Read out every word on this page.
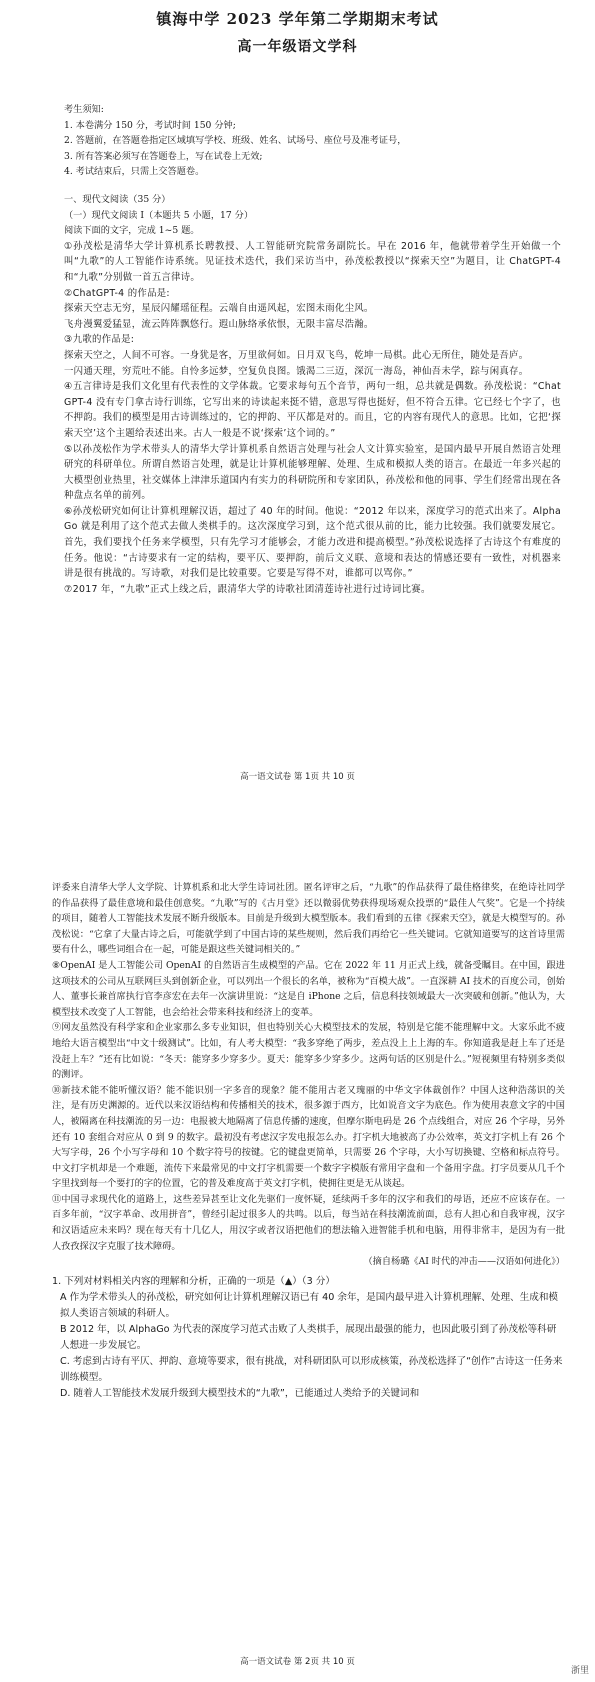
镇海中学 2023 学年第二学期期末考试
高一年级语文学科

考生须知:

1. 本卷满分 150 分，考试时间 150 分钟;

2. 答题前，在答题卷指定区域填写学校、班级、姓名、试场号、座位号及准考证号，

3. 所有答案必须写在答题卷上，写在试卷上无效;

4. 考试结束后，只需上交答题卷。

一、现代文阅读（35 分）

（一）现代文阅读 I（本题共 5 小题，17 分）

阅读下面的文字，完成 1~5 题。

①孙茂松是清华大学计算机系长聘教授、人工智能研究院常务副院长。早在 2016 年，他就带着学生开始做一个叫“九歌”的人工智能作诗系统。见证技术迭代，我们采访当中，孙茂松教授以“探索天空”为题目，让 ChatGPT-4 和“九歌”分别做一首五言律诗。

②ChatGPT-4 的作品是:

探索天空志无穷，星辰闪耀瑶征程。云端自由遥风起，宏图未雨化尘风。

飞舟漫翼爱猛显，流云阵阵飘悠行。遐山脉络承依恨，无限丰富尽浩瀚。

③九歌的作品是:

探索天空之，人间不可容。一身犹是客，万里欲何如。日月双飞鸟，乾坤一局棋。此心无所住，随处是吾庐。

一闪通天理，穷荒吐不能。自怜多远梦，空复负良图。饿渴二三迈，深沉一海岛，神仙吾未学，踪与闲真存。

④五言律诗是我们文化里有代表性的文学体裁。它要求每句五个音节，两句一组，总共就是偶数。孙茂松说：“ChatGPT-4 没有专门拿古诗行训练，它写出来的诗读起来挺不错，意思写得也挺好，但不符合五律。它已经七个字了，也不押韵。我们的模型是用古诗训练过的，它的押韵、平仄都是对的。而且，它的内容有现代人的意思。比如，它把‘探索天空’这个主题给表述出来。古人一般是不说‘探索’这个词的。”

⑤以孙茂松作为学术带头人的清华大学计算机系自然语言处理与社会人文计算实验室，是国内最早开展自然语言处理研究的科研单位。所谓自然语言处理，就是让计算机能够理解、处理、生成和模拟人类的语言。在最近一年多兴起的大模型创业热里，社交媒体上津津乐道国内有实力的科研院所和专家团队，孙茂松和他的同事、学生们经常出现在各种盘点名单的前列。

⑥孙茂松研究如何让计算机理解汉语，超过了 40 年的时间。他说：“2012 年以来，深度学习的范式出来了。AlphaGo 就是利用了这个范式去做人类棋手的。这次深度学习到，这个范式很从前的比，能力比较强。我们就要发展它。首先，我们要找个任务来学模型，只有先学习才能够会，才能力改进和提高模型。”孙茂松说选择了古诗这个有难度的任务。他说：“古诗要求有一定的结构，要平仄、要押韵，前后文义联、意境和表达的情感还要有一致性，对机器来讲是很有挑战的。写诗歌，对我们是比较重要。它要是写得不对，谁都可以骂你。”

⑦2017 年，“九歌”正式上线之后，跟清华大学的诗歌社团清莲诗社进行过诗词比赛。

高一语文试卷 第 1页 共 10 页

评委来自清华大学人文学院、计算机系和北大学生诗词社团。匿名评审之后，“九歌”的作品获得了最佳格律奖，在绝诗社同学的作品获得了最佳意境和最佳创意奖。“九歌”写的《古月堂》还以微弱优势获得现场观众投票的“最佳人气奖”。它是一个持续的项目，随着人工智能技术发展不断升级版本。目前是升级到大模型版本。我们看到的五律《探索天空》，就是大模型写的。孙茂松说：“它拿了大量古诗之后，可能就学到了中国古诗的某些规则，然后我们再给它一些关键词。它就知道要写的这首诗里需要有什么，哪些词组合在一起，可能是跟这些关键词相关的。”

⑧OpenAI 是人工智能公司 OpenAI 的自然语言生成模型的产品。它在 2022 年 11 月正式上线，就备受瞩目。在中国，跟进这项技术的公司从互联网巨头到创新企业，可以列出一个很长的名单，被称为“百模大战”。一直深耕 AI 技术的百度公司，创始人、董事长兼首席执行官李彦宏在去年一次演讲里说：“这是自 iPhone 之后，信息科技领域最大一次突破和创新。”他认为，大模型技术改变了人工智能，也会给社会带来科技和经济上的变革。

⑨网友虽然没有科学家和企业家那么多专业知识，但也特别关心大模型技术的发展，特别是它能不能理解中文。大家乐此不疲地给大语言模型出“中文十级测试”。比如，有人考大模型：“我多穿绝了两步，差点没上上上海的车。你知道我是赶上车了还是没赶上车？”还有比如说：“冬天：能穿多少穿多少。夏天：能穿多少穿多少。这两句话的区别是什么。”短视频里有特别多类似的测评。

⑩新技术能不能听懂汉语？能不能识别一字多音的现象？能不能用古老又瑰丽的中华文字体裁创作？中国人这种浩荡识的关注，是有历史渊源的。近代以来汉语结构和传播相关的技术，很多源于西方，比如说音文字为底色。作为使用表意文字的中国人，被隔离在科技潮流的另一边：电报被大地隔离了信息传播的速度，但摩尔斯电码是 26 个点线组合，对应 26 个字母，另外还有 10 套组合对应从 0 到 9 的数字。最初没有考虑汉字发电报怎么办。打字机大地被高了办公效率，英文打字机上有 26 个大写字母，26 个小写字母和 10 个数字符号的按键。它的键盘更简单，只需要 26 个字母，大小写切换键、空格和标点符号。中文打字机却是一个难题，流传下来最常见的中文打字机需要一个数字字模版有常用字盘和一个备用字盘。打字员要从几千个字里找到每一个要打的字的位置，它的普及难度高于英文打字机，使拥往更是无从谈起。

⑪中国寻求现代化的道路上，这些差异甚至让文化先驱们一度怀疑，延续两千多年的汉字和我们的母语，还应不应该存在。一百多年前，“汉字革命、改用拼音”，曾经引起过很多人的共鸣。以后，每当站在科技潮流前面，总有人担心和自我审视，汉字和汉语适应未来吗？现在每天有十几亿人，用汉字或者汉语把他们的想法输入进智能手机和电脑，用得非常丰，是因为有一批人孜孜探汉字克服了技术障碍。

（摘自杨璐《AI 时代的冲击——汉语如何进化》）

1. 下列对材料相关内容的理解和分析，正确的一项是（▲）（3 分）

A 作为学术带头人的孙茂松，研究如何让计算机理解汉语已有 40 余年，是国内最早进入计算机理解、处理、生成和模拟人类语言领域的科研人。

B 2012 年，以 AlphaGo 为代表的深度学习范式击败了人类棋手，展现出最强的能力，也因此吸引到了孙茂松等科研人想进一步发展它。

C. 考虑到古诗有平仄、押韵、意境等要求，很有挑战，对科研团队可以形成核策，孙茂松选择了“创作”古诗这一任务来训练模型。

D. 随着人工智能技术发展升级到大模型技术的“九歌”，已能通过人类给予的关键词和

高一语文试卷 第 2页 共 10 页
浙里
